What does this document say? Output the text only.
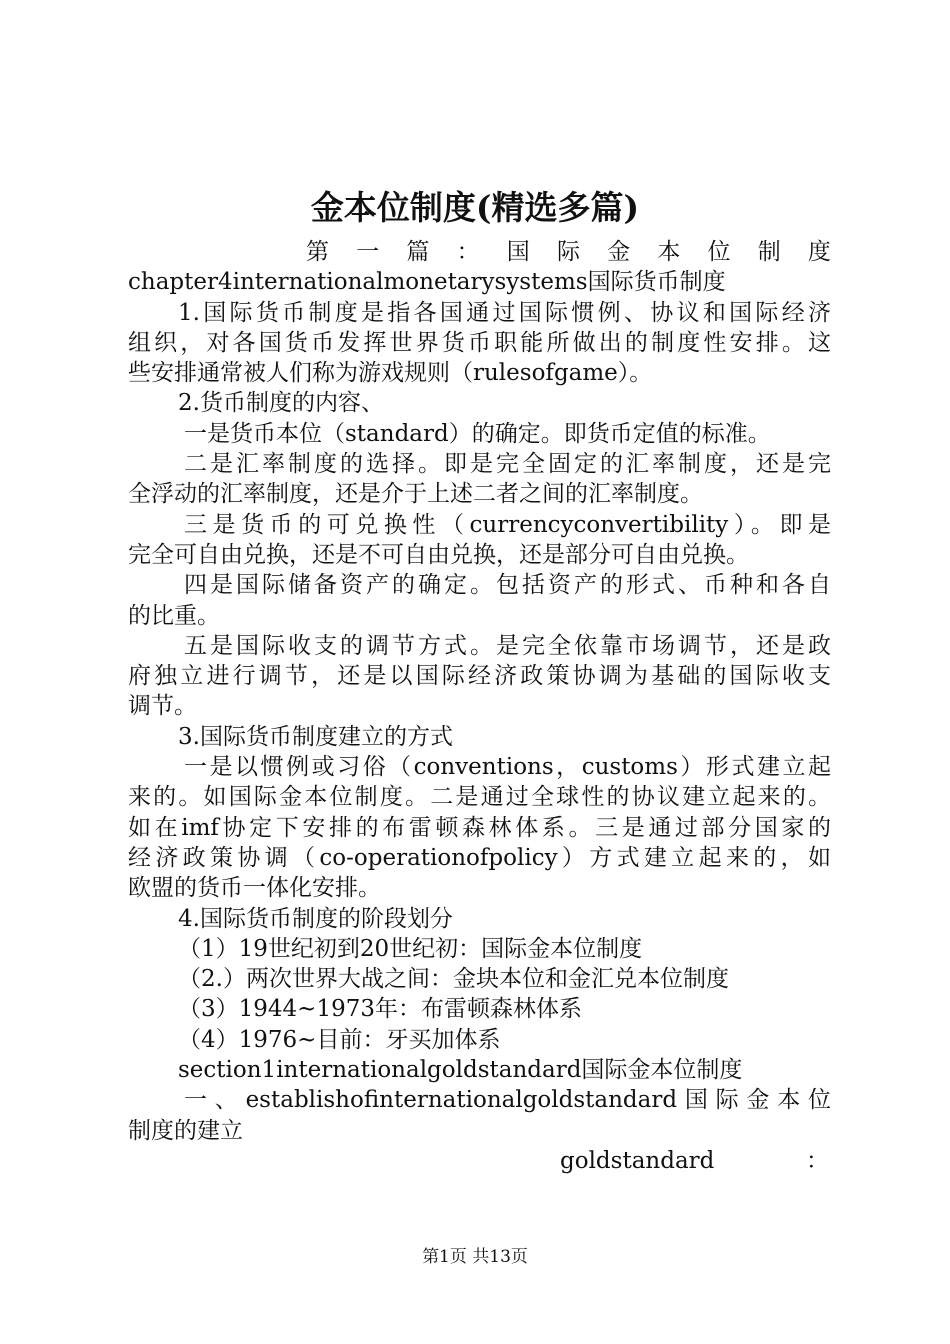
金本位制度(精选多篇)
第 一 篇 ： 国 际 金 本 位 制 度
chapter4internationalmonetarysystems国际货币制度
1.国际货币制度是指各国通过国际惯例、协议和国际经济
组织，对各国货币发挥世界货币职能所做出的制度性安排。这
些安排通常被人们称为游戏规则（rulesofgame）。
2.货币制度的内容、
一是货币本位（standard）的确定。即货币定值的标准。
二是汇率制度的选择。即是完全固定的汇率制度，还是完
全浮动的汇率制度，还是介于上述二者之间的汇率制度。
三是货币的可兑换性（currencyconvertibility）。即是
完全可自由兑换，还是不可自由兑换，还是部分可自由兑换。
四是国际储备资产的确定。包括资产的形式、币种和各自
的比重。
五是国际收支的调节方式。是完全依靠市场调节，还是政
府独立进行调节，还是以国际经济政策协调为基础的国际收支
调节。
3.国际货币制度建立的方式
一是以惯例或习俗（conventions，customs）形式建立起
来的。如国际金本位制度。二是通过全球性的协议建立起来的。
如在imf协定下安排的布雷顿森林体系。三是通过部分国家的
经济政策协调（co-operationofpolicy）方式建立起来的，如
欧盟的货币一体化安排。
4.国际货币制度的阶段划分
（1）19世纪初到20世纪初：国际金本位制度
（2.）两次世界大战之间：金块本位和金汇兑本位制度
（3）1944~1973年：布雷顿森林体系
（4）1976~目前：牙买加体系
section1internationalgoldstandard国际金本位制度
一、establishofinternationalgoldstandard国际金本位
制度的建立
goldstandard	：
第1页 共13页
